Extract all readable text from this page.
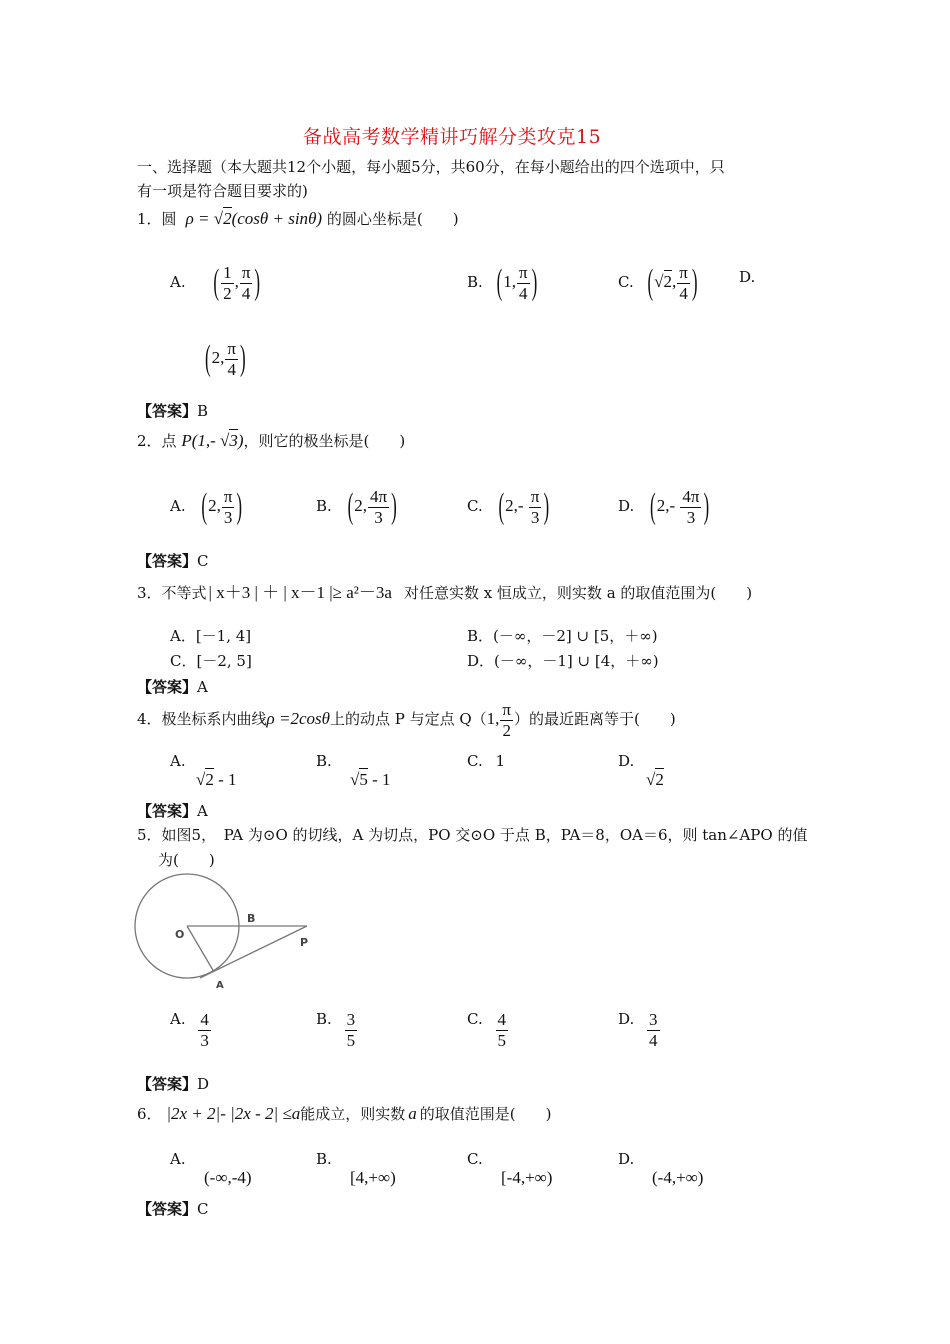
备战高考数学精讲巧解分类攻克15
一、选择题（本大题共12个小题，每小题5分，共60分，在每小题给出的四个选项中，只
有一项是符合题目要求的)
1．圆  ρ = √2(cosθ + sinθ) 的圆心坐标是(　　)
A. ( $\frac{1}{2}$ , $\frac{\pi}{4}$ )	B. (1, $\frac{\pi}{4}$ )	C. (√2, $\frac{\pi}{4}$ )	D.
(2, $\frac{\pi}{4}$ )
【答案】B
2．点 P(1,- √3)，则它的极坐标是(　　)
A. (2, $\frac{\pi}{3}$ )	B. (2, $\frac{4\pi}{3}$ )	C. ($2,- \frac{\pi}{3}$ )	D. ($2,- \frac{4\pi}{3}$ )
【答案】C
3．不等式 | x＋3 | ＋ | x－1 |≥ a²－3a 对任意实数 x 恒成立，则实数 a 的取值范围为(　　)
A．[－1, 4]	B．(－∞，－2] ∪ [5，＋∞)
C．[－2, 5]	D．(－∞，－1] ∪ [4，＋∞)
【答案】A
4．极坐标系内曲线ρ =2cosθ上的动点 P 与定点 Q（1, $\frac{\pi}{2}$ ）的最近距离等于(　　)
A.
√2 - 1
B.
√5 - 1
C. 1	D.
√2
【答案】A
5．如图5，　PA 为⊙O 的切线，A 为切点，PO 交⊙O 于点 B，PA＝8，OA＝6，则 tan∠APO 的值
为(　　)
O
B
P
A
A. $\frac{4}{3}$	B. $\frac{3}{5}$	C. $\frac{4}{5}$	D. $\frac{3}{4}$
【答案】D
6． |2x + 2|- |2x - 2| ≤a能成立，则实数 a 的取值范围是(　　)
A.
(-∞,-4)
B.
[4,+∞)
C.
[-4,+∞)
D.
(-4,+∞)
【答案】C
